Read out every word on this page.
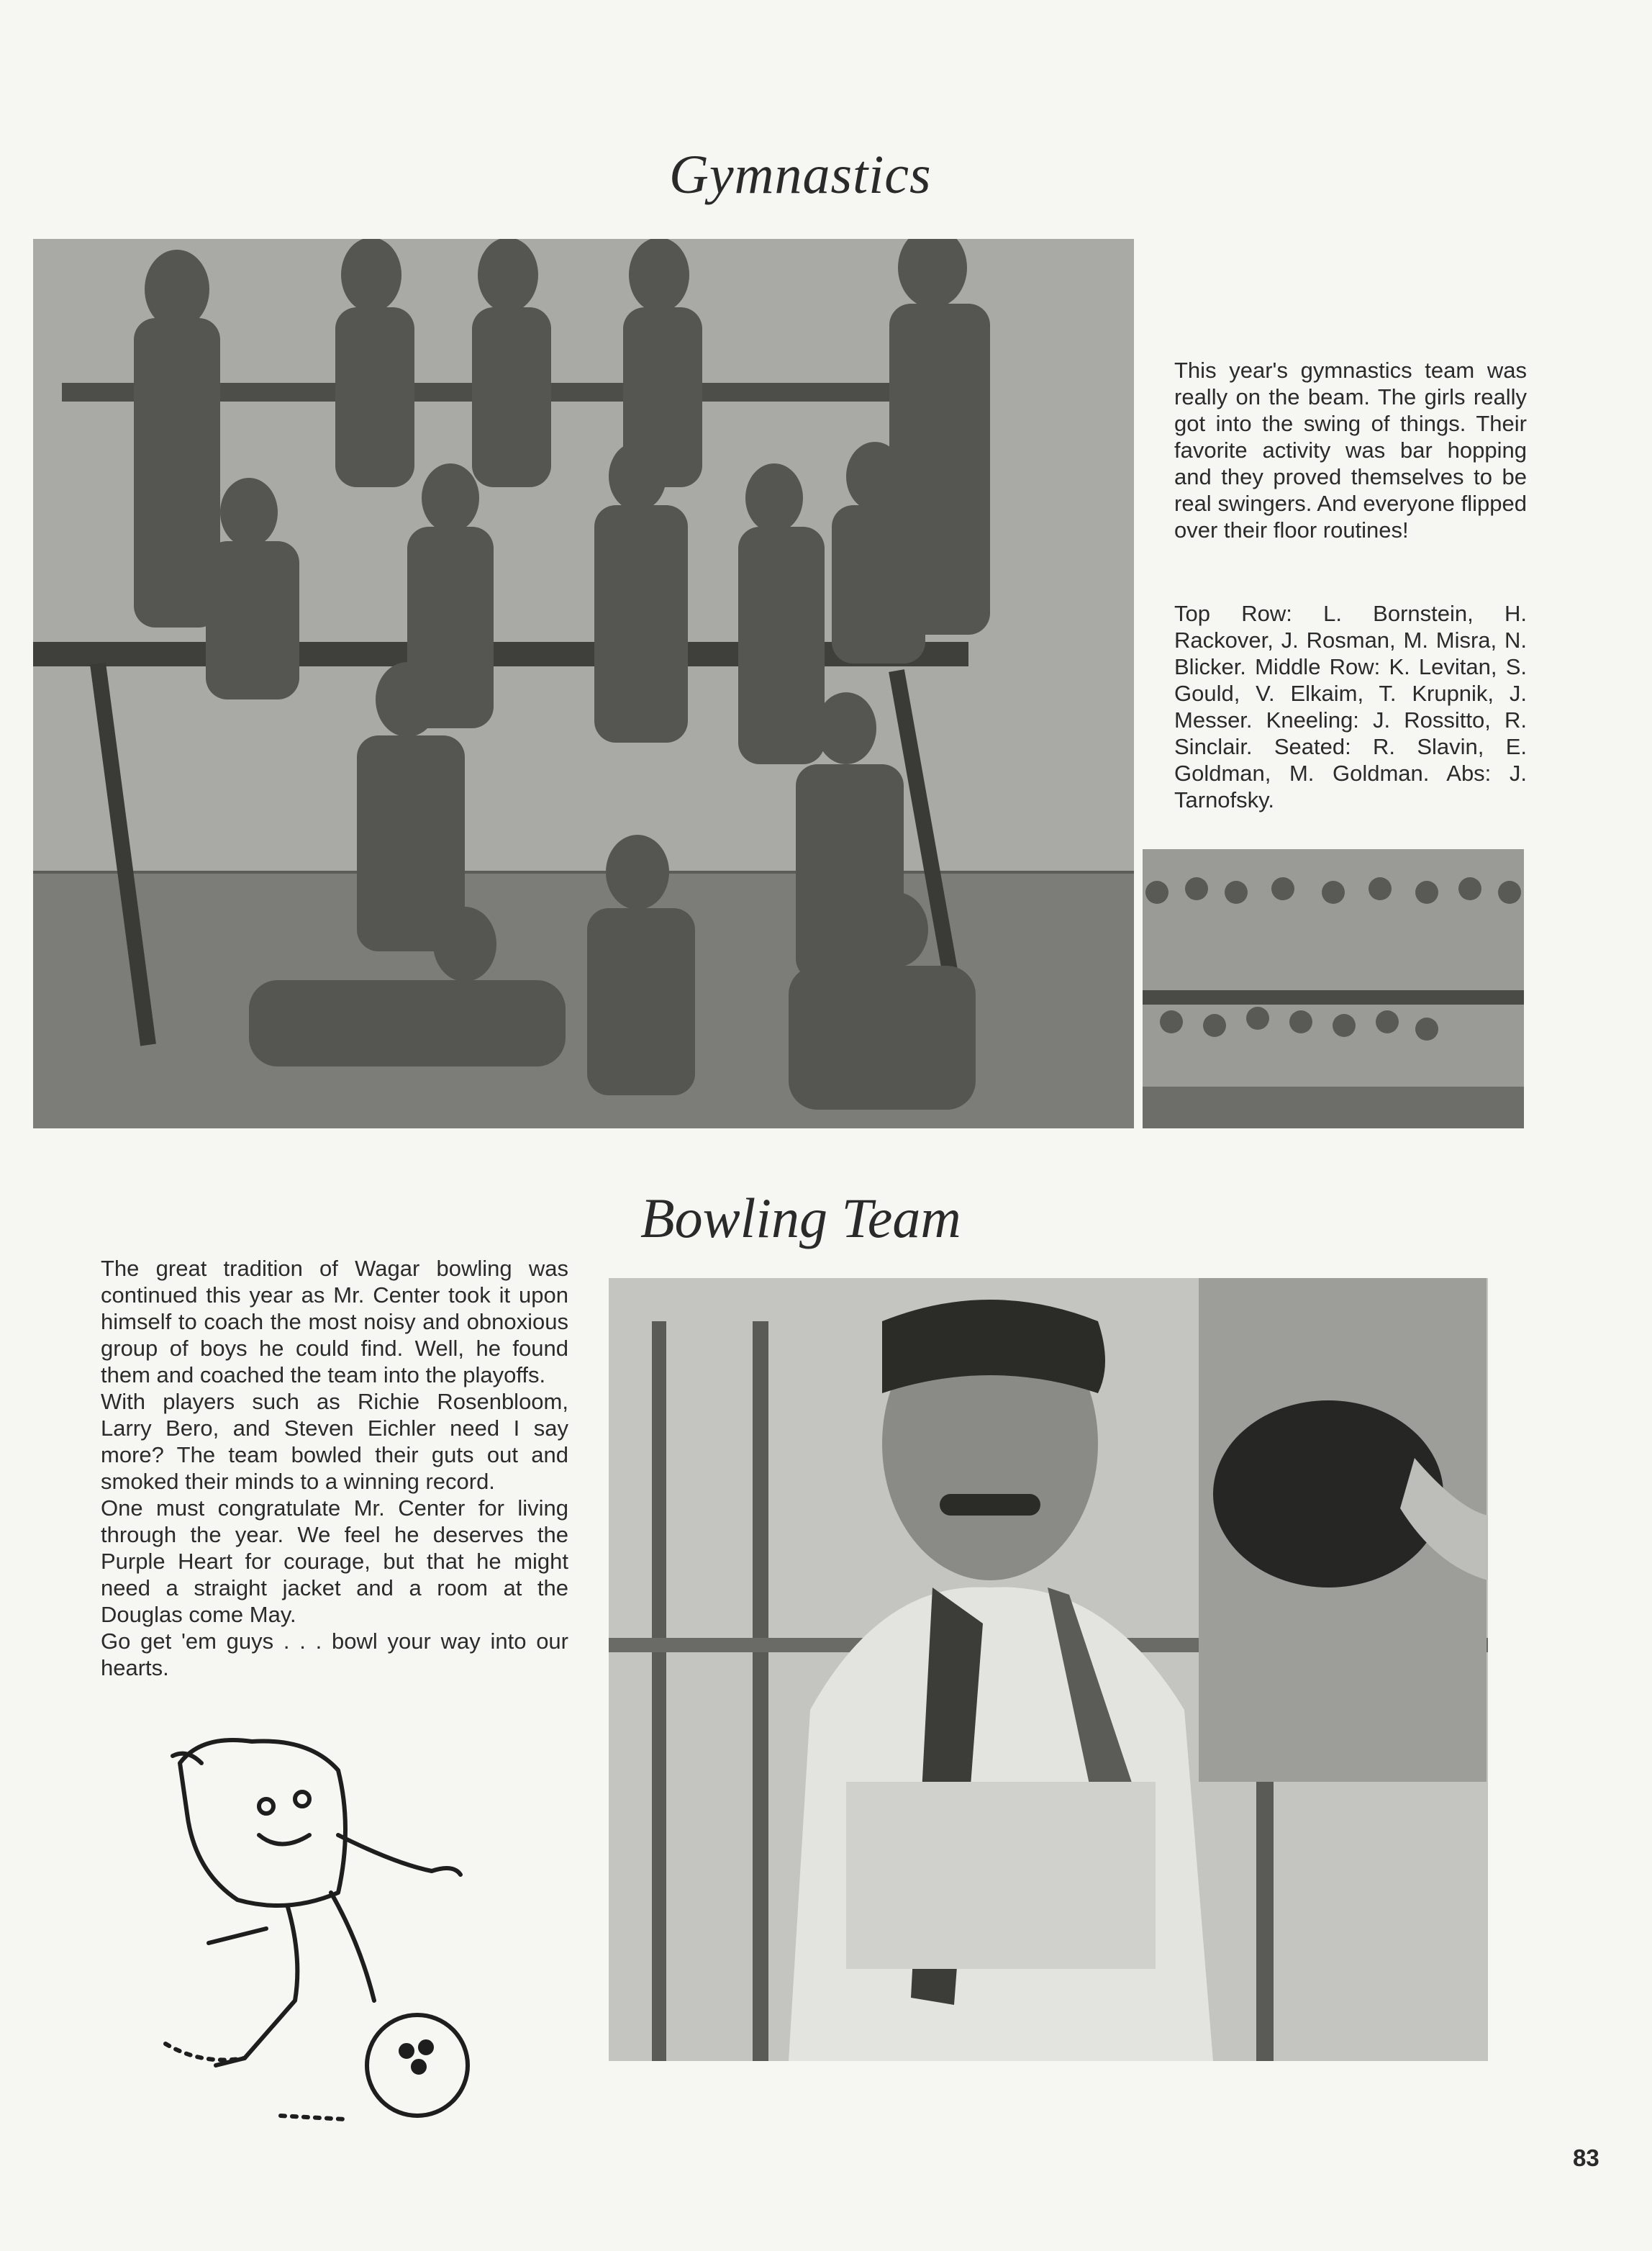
Gymnastics

This year's gymnastics team was really on the beam. The girls really got into the swing of things. Their favorite activity was bar hopping and they proved themselves to be real swingers. And everyone flipped over their floor routines!

Top Row: L. Bornstein, H. Rackover, J. Rosman, M. Misra, N. Blicker. Middle Row: K. Levitan, S. Gould, V. Elkaim, T. Krupnik, J. Messer. Kneeling: J. Rossitto, R. Sinclair. Seated: R. Slavin, E. Goldman, M. Goldman. Abs: J. Tarnofsky.

Bowling Team

The great tradition of Wagar bowling was continued this year as Mr. Center took it upon himself to coach the most noisy and obnoxious group of boys he could find. Well, he found them and coached the team into the playoffs.

With players such as Richie Rosenbloom, Larry Bero, and Steven Eichler need I say more? The team bowled their guts out and smoked their minds to a winning record.

One must congratulate Mr. Center for living through the year. We feel he deserves the Purple Heart for courage, but that he might need a straight jacket and a room at the Douglas come May.

Go get 'em guys . . . bowl your way into our hearts.

83
